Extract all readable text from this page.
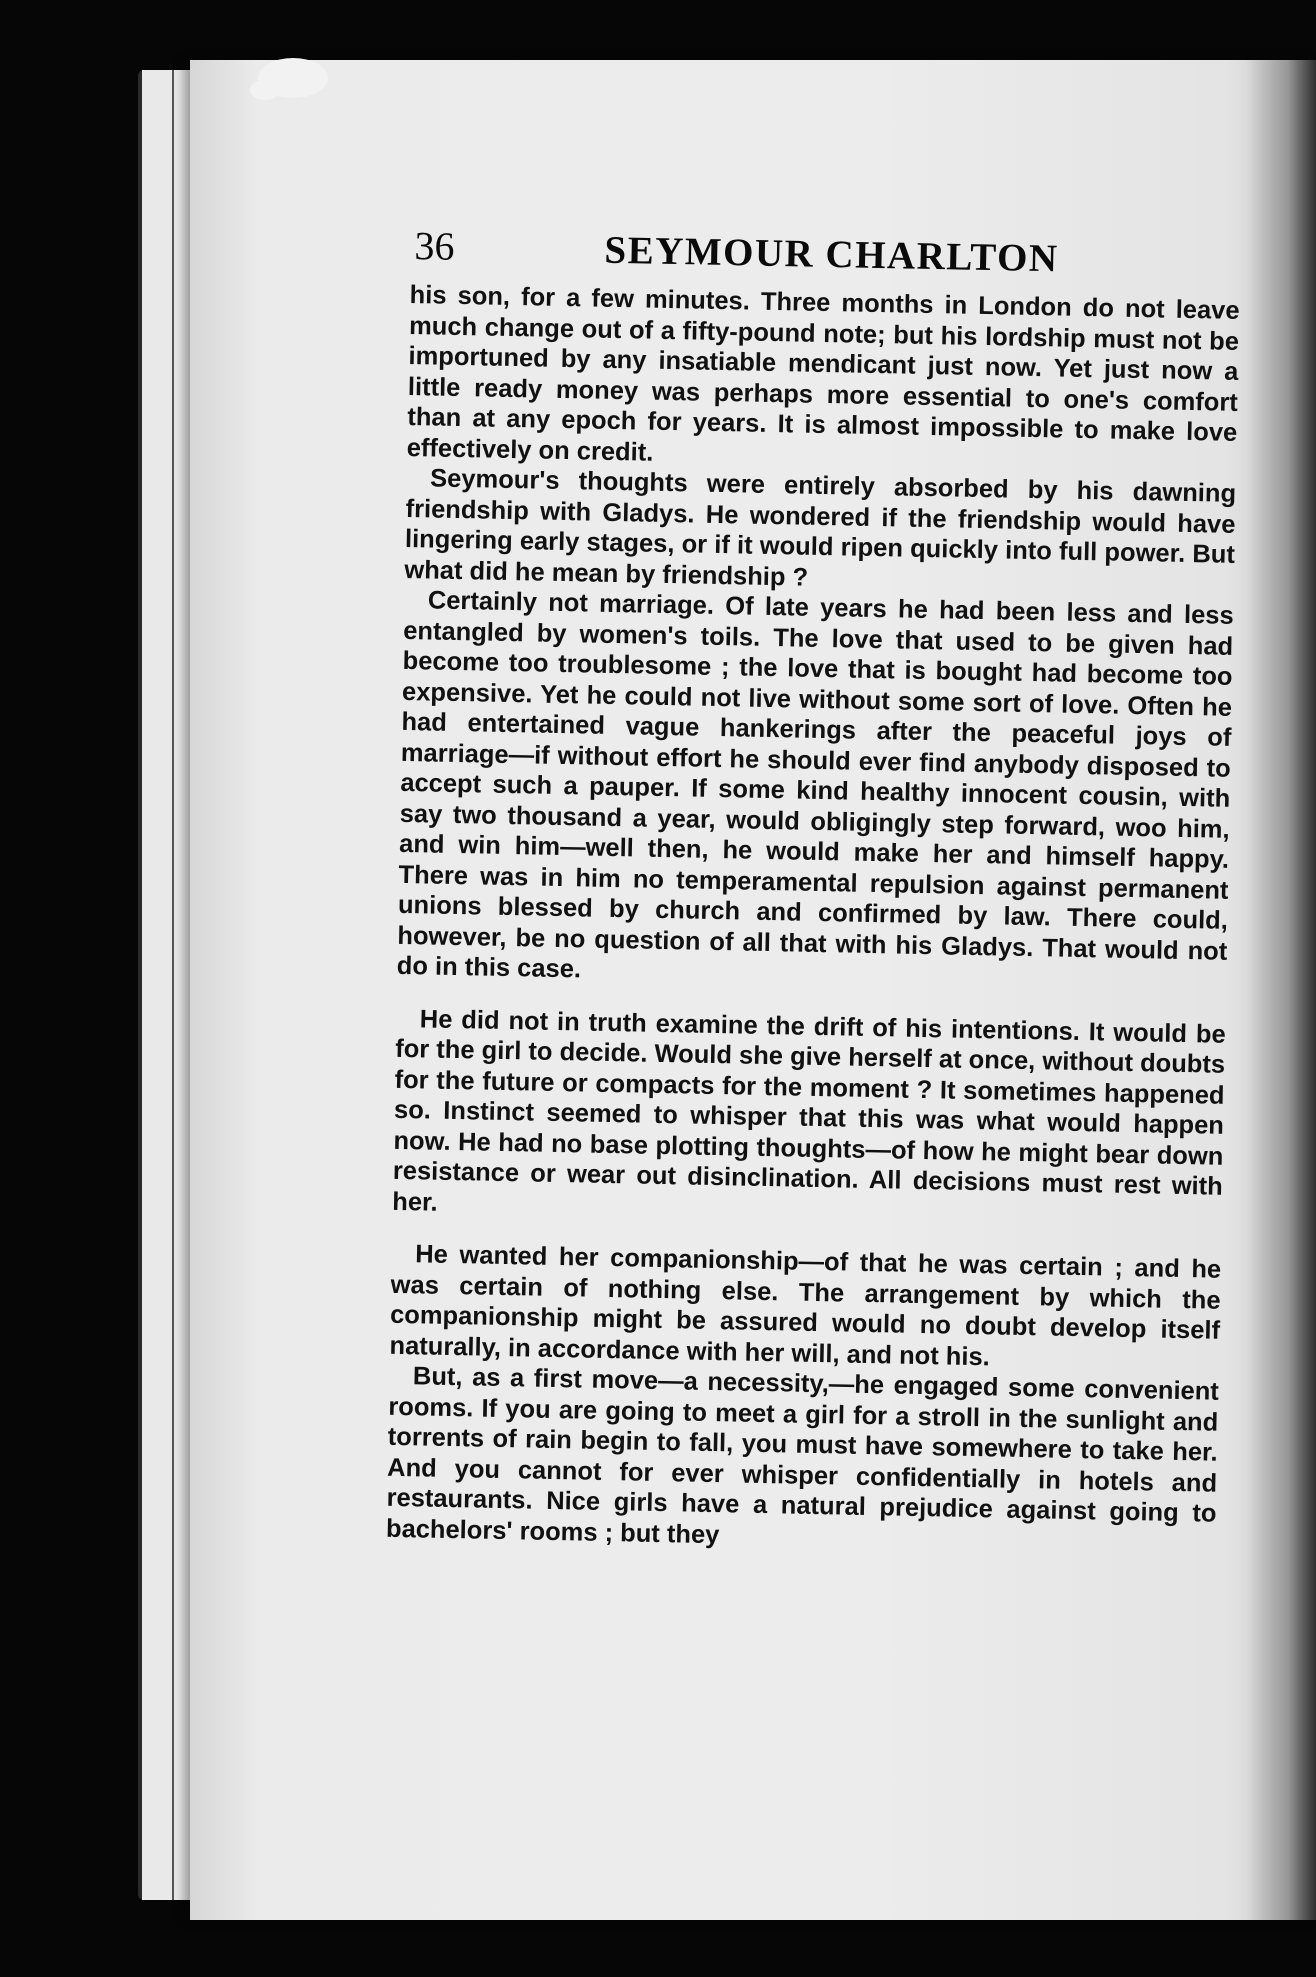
36	SEYMOUR CHARLTON

his son, for a few minutes. Three months in London do not leave much change out of a fifty-pound note; but his lordship must not be importuned by any insatiable mendicant just now. Yet just now a little ready money was perhaps more essential to one's comfort than at any epoch for years. It is almost impossible to make love effectively on credit.

Seymour's thoughts were entirely absorbed by his dawning friendship with Gladys. He wondered if the friendship would have lingering early stages, or if it would ripen quickly into full power. But what did he mean by friendship ?

Certainly not marriage. Of late years he had been less and less entangled by women's toils. The love that used to be given had become too troublesome ; the love that is bought had become too expensive. Yet he could not live without some sort of love. Often he had entertained vague hankerings after the peaceful joys of marriage—if without effort he should ever find anybody disposed to accept such a pauper. If some kind healthy innocent cousin, with say two thousand a year, would obligingly step forward, woo him, and win him—well then, he would make her and himself happy. There was in him no temperamental repulsion against permanent unions blessed by church and confirmed by law. There could, however, be no question of all that with his Gladys. That would not do in this case.

He did not in truth examine the drift of his intentions. It would be for the girl to decide. Would she give herself at once, without doubts for the future or compacts for the moment ? It sometimes happened so. Instinct seemed to whisper that this was what would happen now. He had no base plotting thoughts—of how he might bear down resistance or wear out disinclination. All decisions must rest with her.

He wanted her companionship—of that he was certain ; and he was certain of nothing else. The arrangement by which the companionship might be assured would no doubt develop itself naturally, in accordance with her will, and not his.

But, as a first move—a necessity,—he engaged some convenient rooms. If you are going to meet a girl for a stroll in the sunlight and torrents of rain begin to fall, you must have somewhere to take her. And you cannot for ever whisper confidentially in hotels and restaurants. Nice girls have a natural prejudice against going to bachelors' rooms ; but they
